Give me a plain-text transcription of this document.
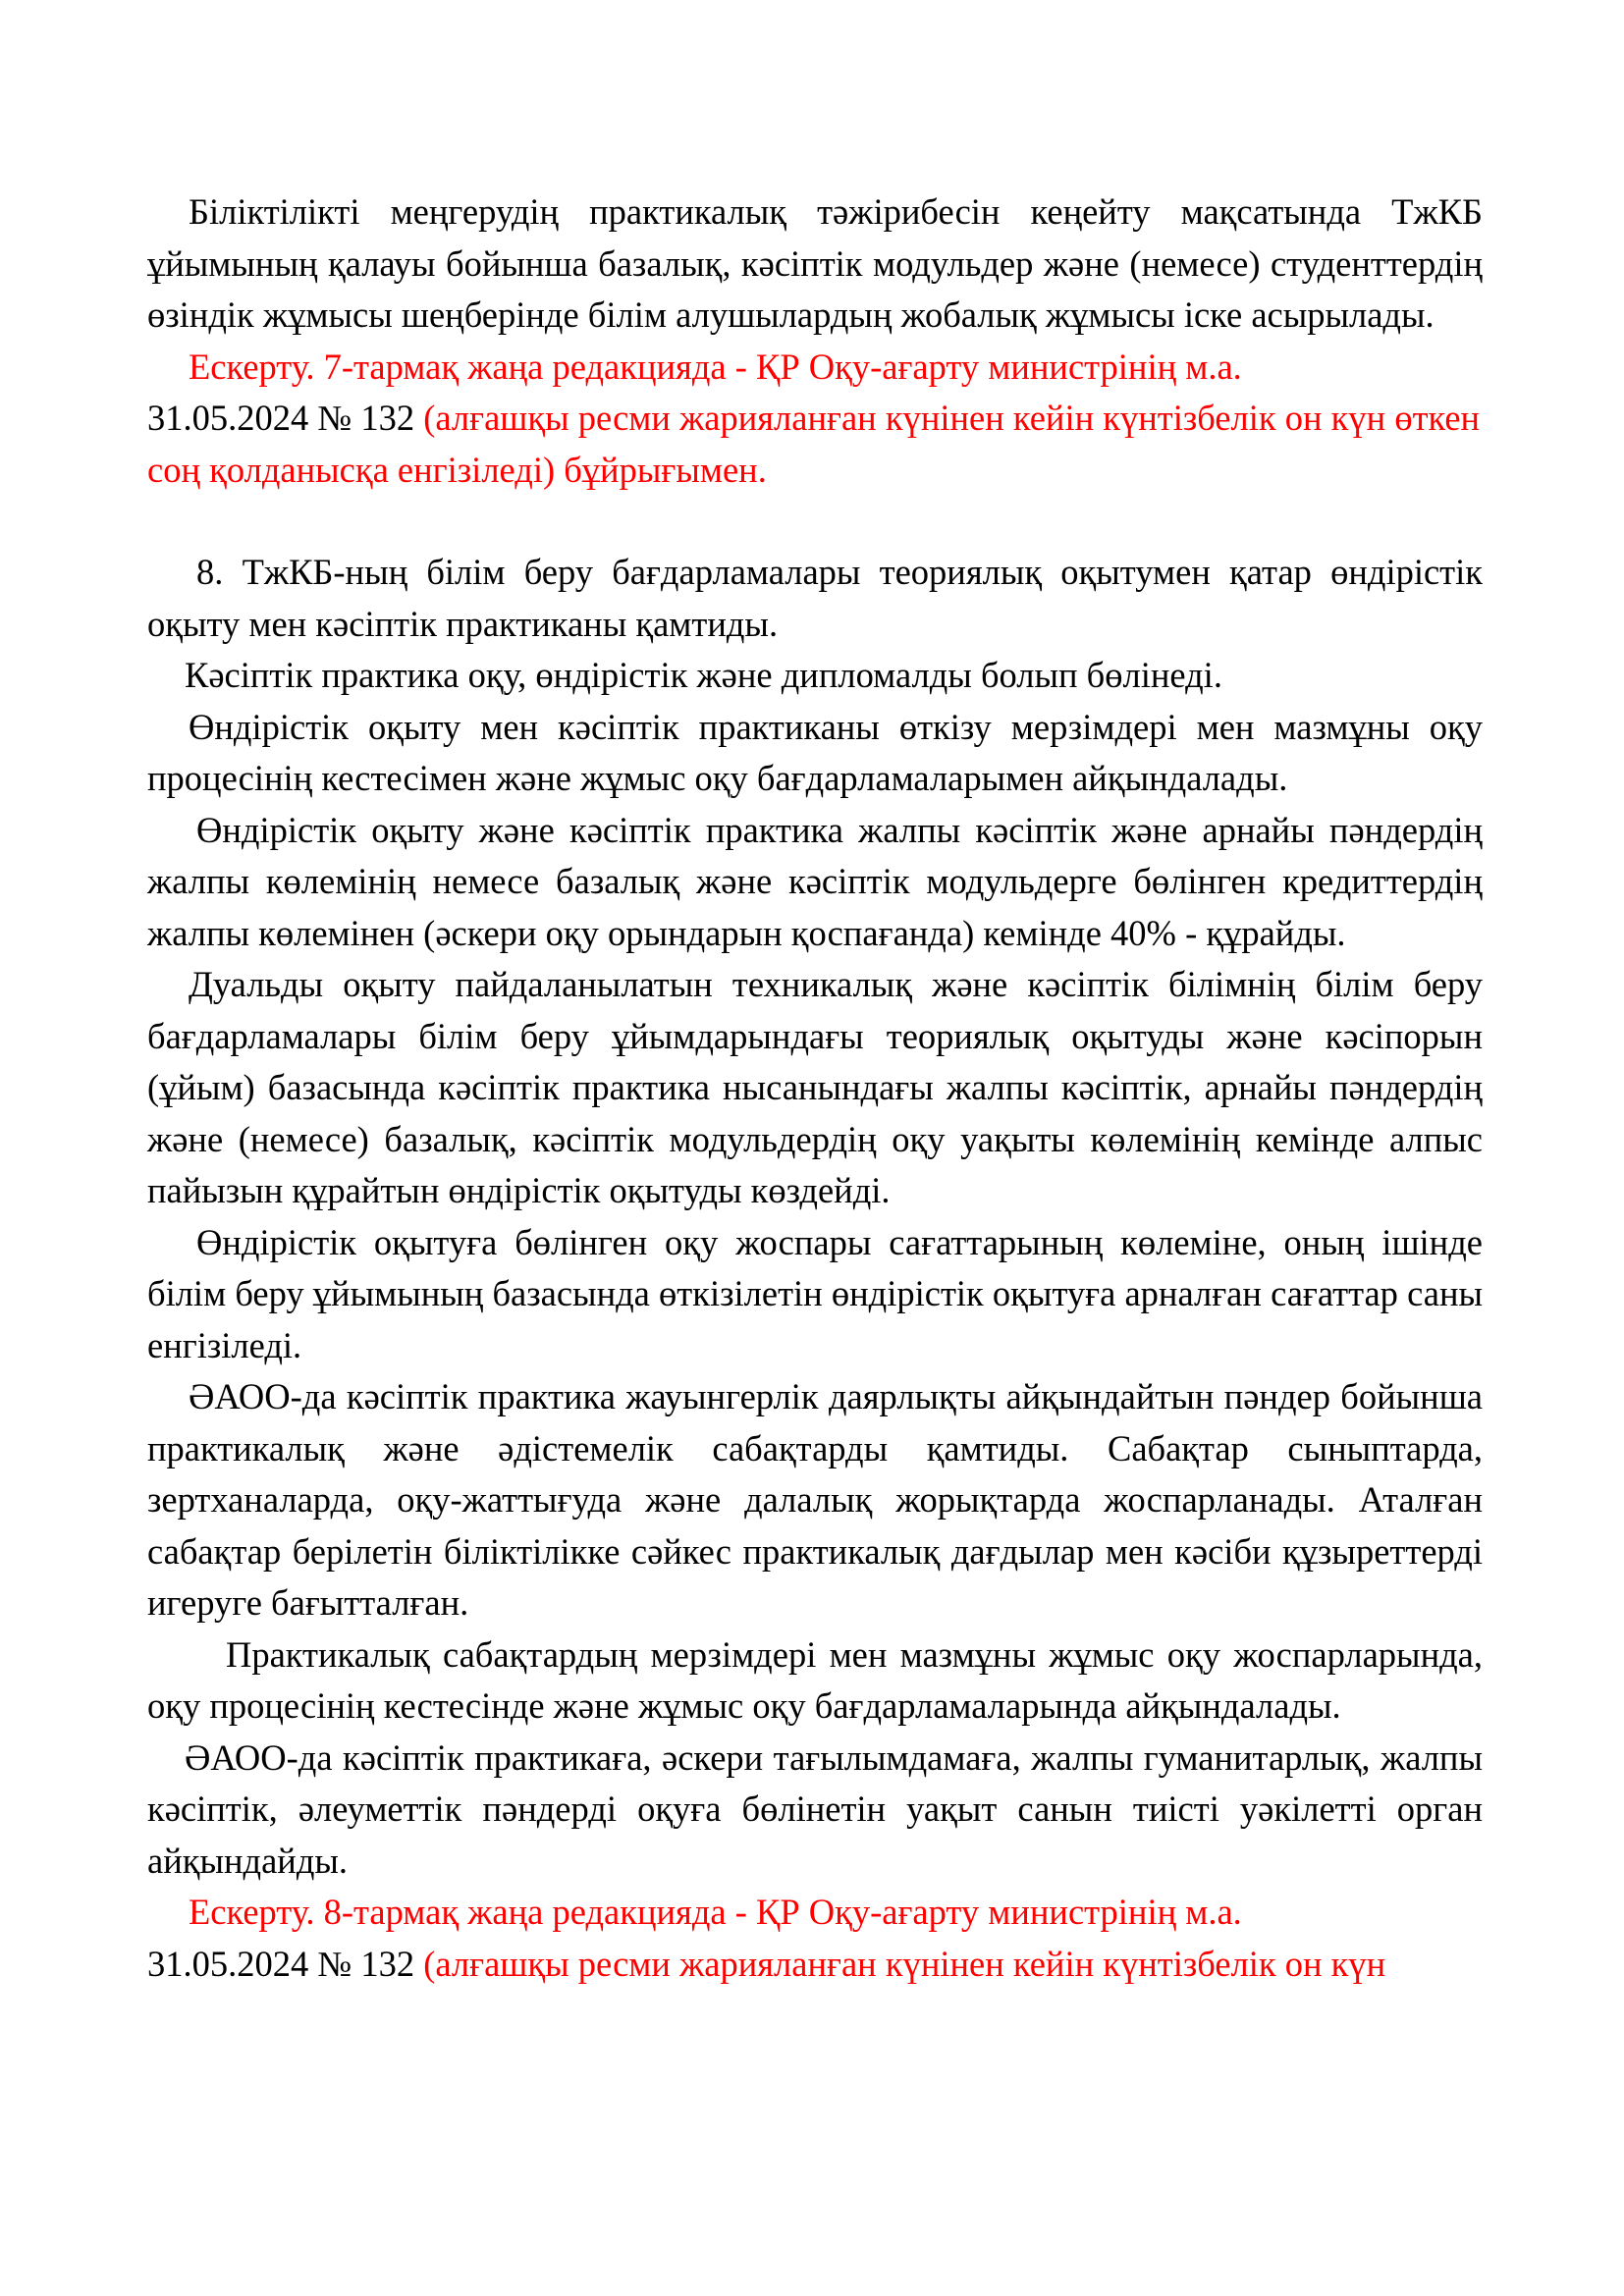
Біліктілікті меңгерудің практикалық тәжірибесін кеңейту мақсатында ТжКБ ұйымының қалауы бойынша базалық, кәсіптік модульдер және (немесе) студенттердің өзіндік жұмысы шеңберінде білім алушылардың жобалық жұмысы іске асырылады.

Ескерту. 7-тармақ жаңа редакцияда - ҚР Оқу-ағарту министрінің м.а.
31.05.2024 № 132 (алғашқы ресми жарияланған күнінен кейін күнтізбелік он күн өткен соң қолданысқа енгізіледі) бұйрығымен.

8. ТжКБ-ның білім беру бағдарламалары теориялық оқытумен қатар өндірістік оқыту мен кәсіптік практиканы қамтиды.

Кәсіптік практика оқу, өндірістік және дипломалды болып бөлінеді.

Өндірістік оқыту мен кәсіптік практиканы өткізу мерзімдері мен мазмұны оқу процесінің кестесімен және жұмыс оқу бағдарламаларымен айқындалады.

Өндірістік оқыту және кәсіптік практика жалпы кәсіптік және арнайы пәндердің жалпы көлемінің немесе базалық және кәсіптік модульдерге бөлінген кредиттердің жалпы көлемінен (әскери оқу орындарын қоспағанда) кемінде 40% - құрайды.

Дуальды оқыту пайдаланылатын техникалық және кәсіптік білімнің білім беру бағдарламалары білім беру ұйымдарындағы теориялық оқытуды және кәсіпорын (ұйым) базасында кәсіптік практика нысанындағы жалпы кәсіптік, арнайы пәндердің және (немесе) базалық, кәсіптік модульдердің оқу уақыты көлемінің кемінде алпыс пайызын құрайтын өндірістік оқытуды көздейді.

Өндірістік оқытуға бөлінген оқу жоспары сағаттарының көлеміне, оның ішінде білім беру ұйымының базасында өткізілетін өндірістік оқытуға арналған сағаттар саны енгізіледі.

ӘАОО-да кәсіптік практика жауынгерлік даярлықты айқындайтын пәндер бойынша практикалық және әдістемелік сабақтарды қамтиды. Сабақтар сыныптарда, зертханаларда, оқу-жаттығуда және далалық жорықтарда жоспарланады. Аталған сабақтар берілетін біліктілікке сәйкес практикалық дағдылар мен кәсіби құзыреттерді игеруге бағытталған.

Практикалық сабақтардың мерзімдері мен мазмұны жұмыс оқу жоспарларында, оқу процесінің кестесінде және жұмыс оқу бағдарламаларында айқындалады.

ӘАОО-да кәсіптік практикаға, әскери тағылымдамаға, жалпы гуманитарлық, жалпы кәсіптік, әлеуметтік пәндерді оқуға бөлінетін уақыт санын тиісті уәкілетті орган айқындайды.

Ескерту. 8-тармақ жаңа редакцияда - ҚР Оқу-ағарту министрінің м.а.
31.05.2024 № 132 (алғашқы ресми жарияланған күнінен кейін күнтізбелік он күн
